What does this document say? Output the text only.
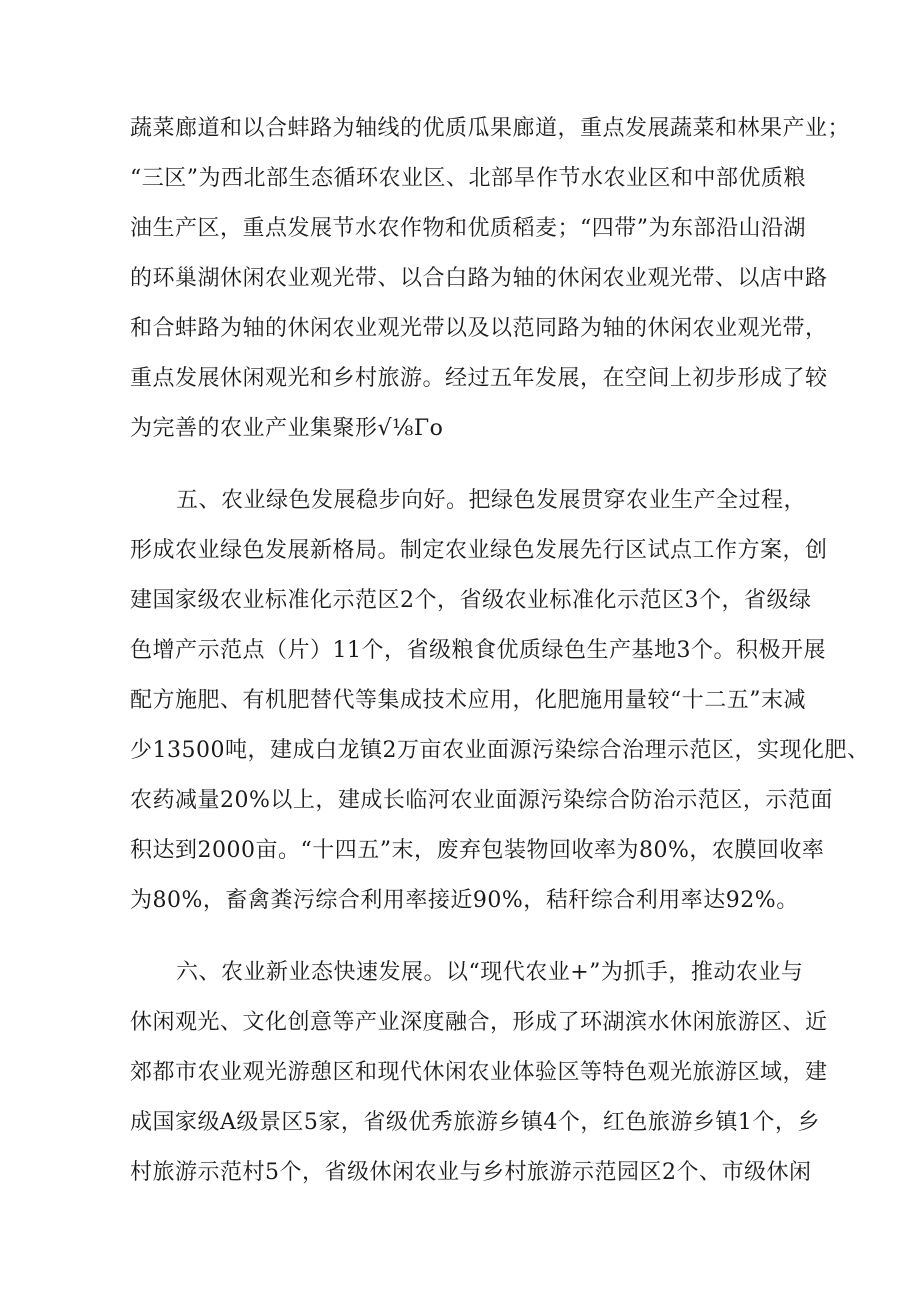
蔬菜廊道和以合蚌路为轴线的优质瓜果廊道，重点发展蔬菜和林果产业；
“三区”为西北部生态循环农业区、北部旱作节水农业区和中部优质粮
油生产区，重点发展节水农作物和优质稻麦；“四带”为东部沿山沿湖
的环巢湖休闲农业观光带、以合白路为轴的休闲农业观光带、以店中路
和合蚌路为轴的休闲农业观光带以及以范同路为轴的休闲农业观光带，
重点发展休闲观光和乡村旅游。经过五年发展，在空间上初步形成了较
为完善的农业产业集聚形√⅛Γo
五、农业绿色发展稳步向好。把绿色发展贯穿农业生产全过程，
形成农业绿色发展新格局。制定农业绿色发展先行区试点工作方案，创
建国家级农业标准化示范区2个，省级农业标准化示范区3个，省级绿
色增产示范点（片）11个，省级粮食优质绿色生产基地3个。积极开展
配方施肥、有机肥替代等集成技术应用，化肥施用量较“十二五”末减
少13500吨，建成白龙镇2万亩农业面源污染综合治理示范区，实现化肥、
农药减量20%以上，建成长临河农业面源污染综合防治示范区，示范面
积达到2000亩。“十四五”末，废弃包装物回收率为80%，农膜回收率
为80%，畜禽粪污综合利用率接近90%，秸秆综合利用率达92%。
六、农业新业态快速发展。以“现代农业+”为抓手，推动农业与
休闲观光、文化创意等产业深度融合，形成了环湖滨水休闲旅游区、近
郊都市农业观光游憩区和现代休闲农业体验区等特色观光旅游区域，建
成国家级A级景区5家，省级优秀旅游乡镇4个，红色旅游乡镇1个，乡
村旅游示范村5个，省级休闲农业与乡村旅游示范园区2个、市级休闲
